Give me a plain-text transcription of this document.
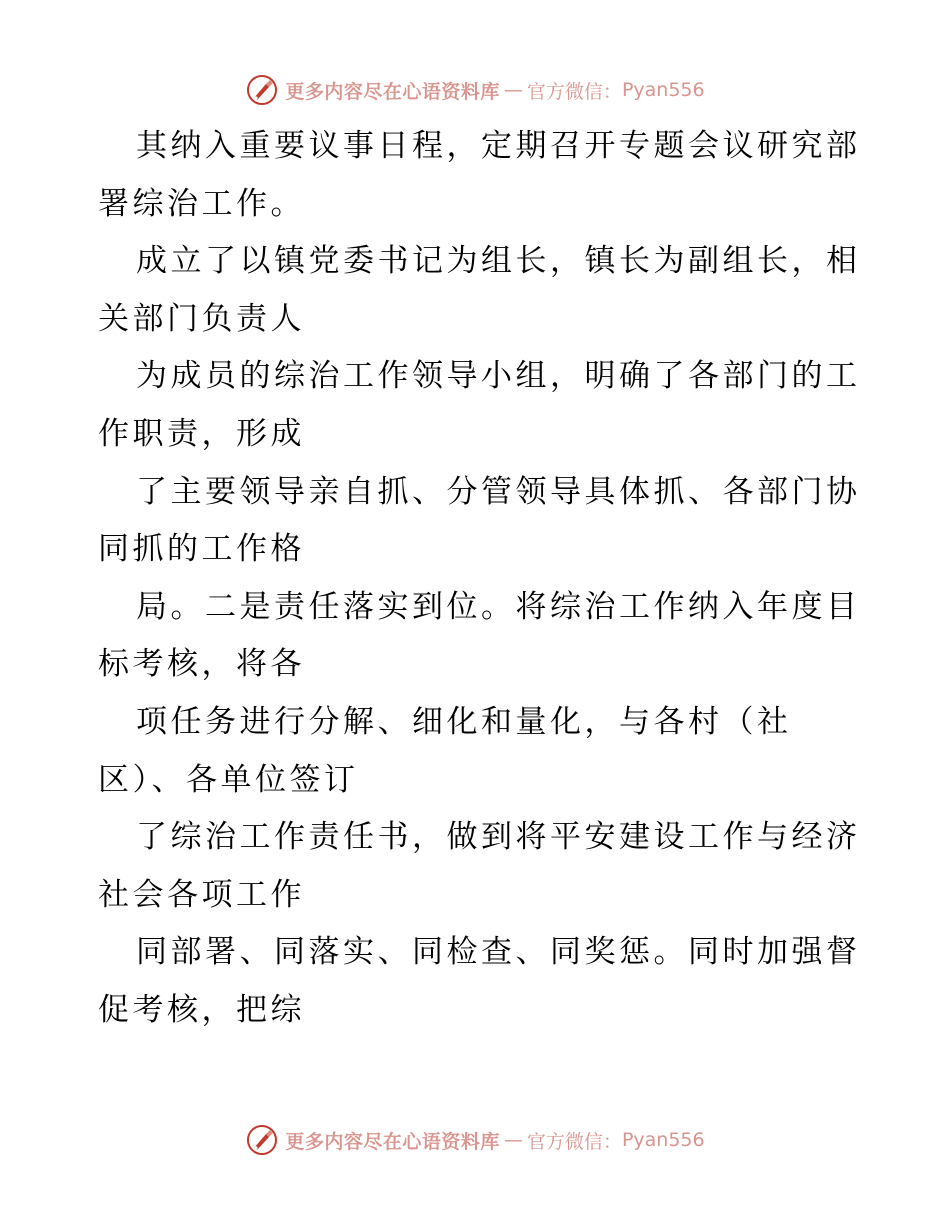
更多内容尽在心语资料库 — 官方微信： Pyan556
其纳入重要议事日程，定期召开专题会议研究部
署综治工作。
成立了以镇党委书记为组长，镇长为副组长，相
关部门负责人
为成员的综治工作领导小组，明确了各部门的工
作职责，形成
了主要领导亲自抓、分管领导具体抓、各部门协
同抓的工作格
局。二是责任落实到位。将综治工作纳入年度目
标考核，将各
项任务进行分解、细化和量化，与各村（社
区）、各单位签订
了综治工作责任书，做到将平安建设工作与经济
社会各项工作
同部署、同落实、同检查、同奖惩。同时加强督
促考核，把综
更多内容尽在心语资料库 — 官方微信： Pyan556
